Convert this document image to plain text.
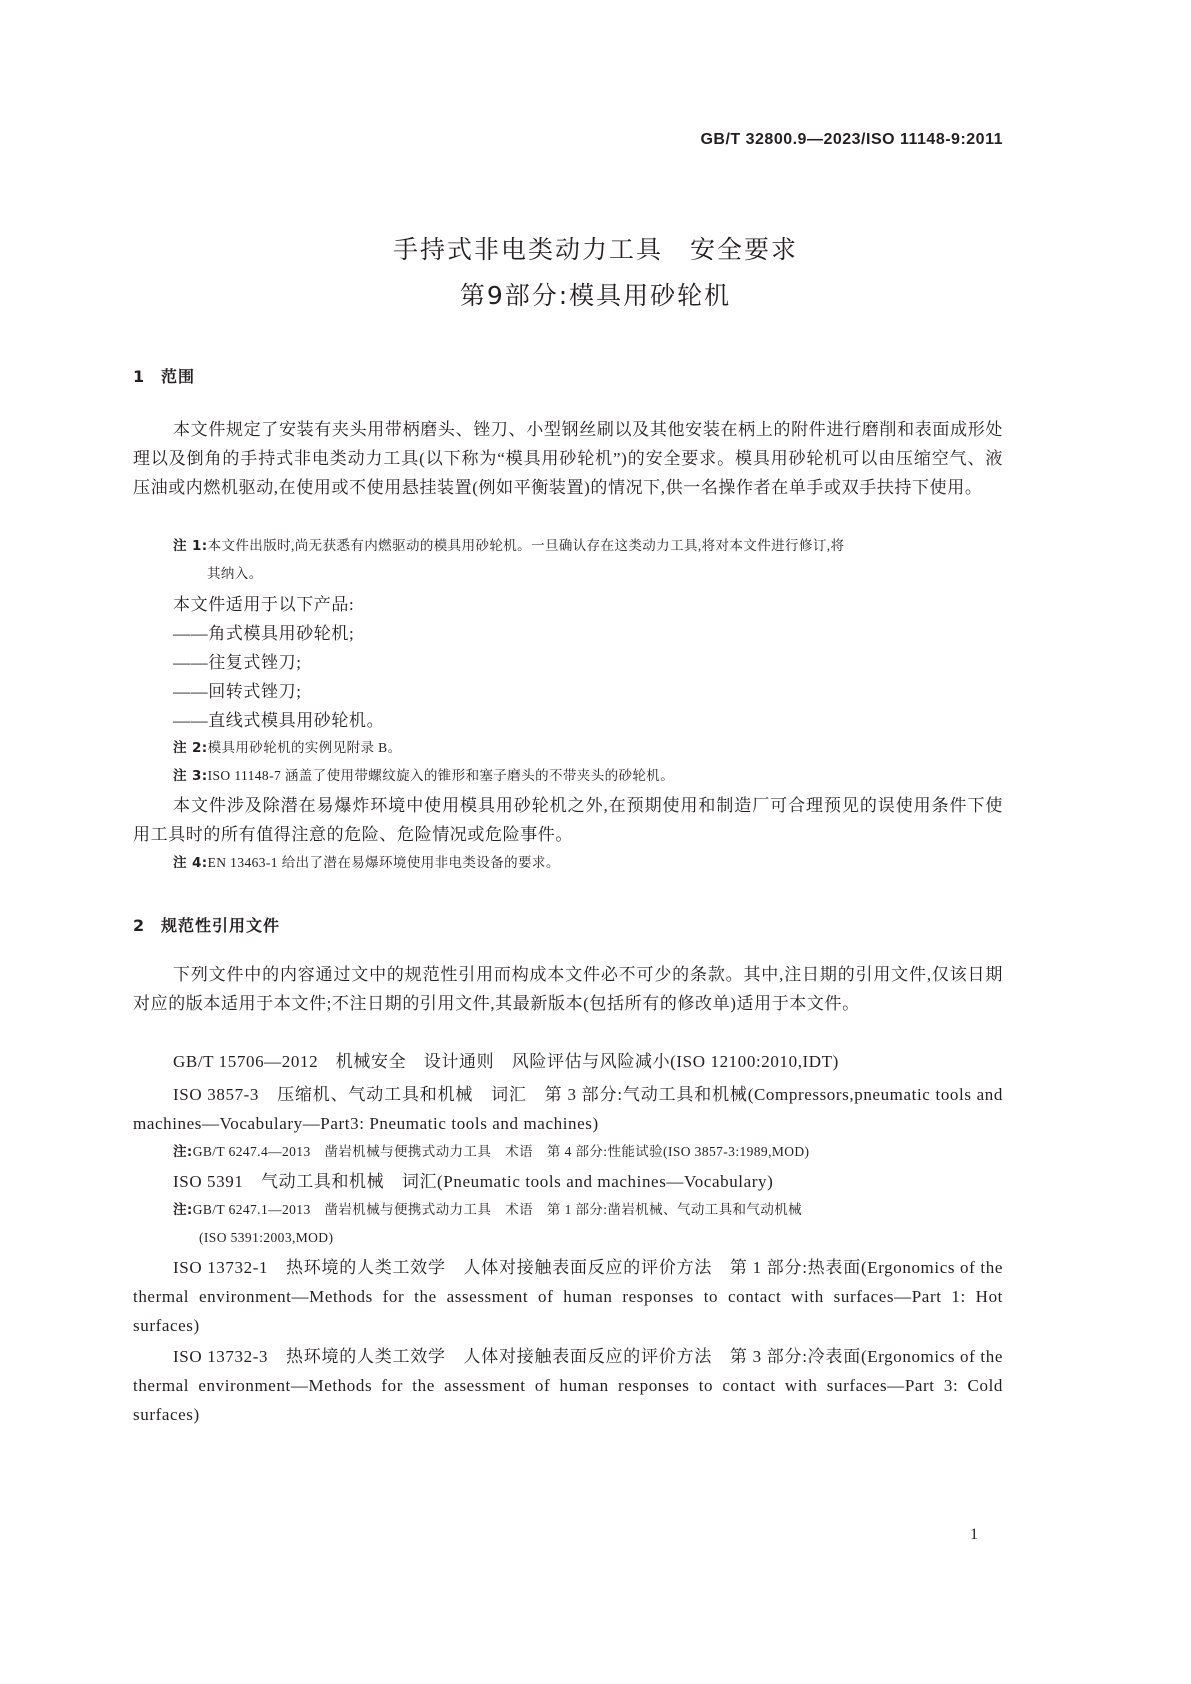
GB/T 32800.9—2023/ISO 11148-9:2011
手持式非电类动力工具　安全要求
第9部分:模具用砂轮机
1 范围
本文件规定了安装有夹头用带柄磨头、锉刀、小型钢丝刷以及其他安装在柄上的附件进行磨削和表面成形处理以及倒角的手持式非电类动力工具(以下称为“模具用砂轮机”)的安全要求。模具用砂轮机可以由压缩空气、液压油或内燃机驱动,在使用或不使用悬挂装置(例如平衡装置)的情况下,供一名操作者在单手或双手扶持下使用。
注 1:本文件出版时,尚无获悉有内燃驱动的模具用砂轮机。一旦确认存在这类动力工具,将对本文件进行修订,将
其纳入。
本文件适用于以下产品:
——角式模具用砂轮机;
——往复式锉刀;
——回转式锉刀;
——直线式模具用砂轮机。
注 2:模具用砂轮机的实例见附录 B。
注 3:ISO 11148-7 涵盖了使用带螺纹旋入的锥形和塞子磨头的不带夹头的砂轮机。
本文件涉及除潜在易爆炸环境中使用模具用砂轮机之外,在预期使用和制造厂可合理预见的误使用条件下使用工具时的所有值得注意的危险、危险情况或危险事件。
注 4:EN 13463-1 给出了潜在易爆环境使用非电类设备的要求。
2 规范性引用文件
下列文件中的内容通过文中的规范性引用而构成本文件必不可少的条款。其中,注日期的引用文件,仅该日期对应的版本适用于本文件;不注日期的引用文件,其最新版本(包括所有的修改单)适用于本文件。
GB/T 15706—2012　机械安全　设计通则　风险评估与风险减小(ISO 12100:2010,IDT)
ISO 3857-3　压缩机、气动工具和机械　词汇　第 3 部分:气动工具和机械(Compressors,pneumatic tools and machines—Vocabulary—Part3: Pneumatic tools and machines)
注:GB/T 6247.4—2013　凿岩机械与便携式动力工具　术语　第 4 部分:性能试验(ISO 3857-3:1989,MOD)
ISO 5391　气动工具和机械　词汇(Pneumatic tools and machines—Vocabulary)
注:GB/T 6247.1—2013　凿岩机械与便携式动力工具　术语　第 1 部分:凿岩机械、气动工具和气动机械
(ISO 5391:2003,MOD)
ISO 13732-1　热环境的人类工效学　人体对接触表面反应的评价方法　第 1 部分:热表面(Ergonomics of the thermal environment—Methods for the assessment of human responses to contact with surfaces—Part 1: Hot surfaces)
ISO 13732-3　热环境的人类工效学　人体对接触表面反应的评价方法　第 3 部分:冷表面(Ergonomics of the thermal environment—Methods for the assessment of human responses to contact with surfaces—Part 3: Cold surfaces)
1
